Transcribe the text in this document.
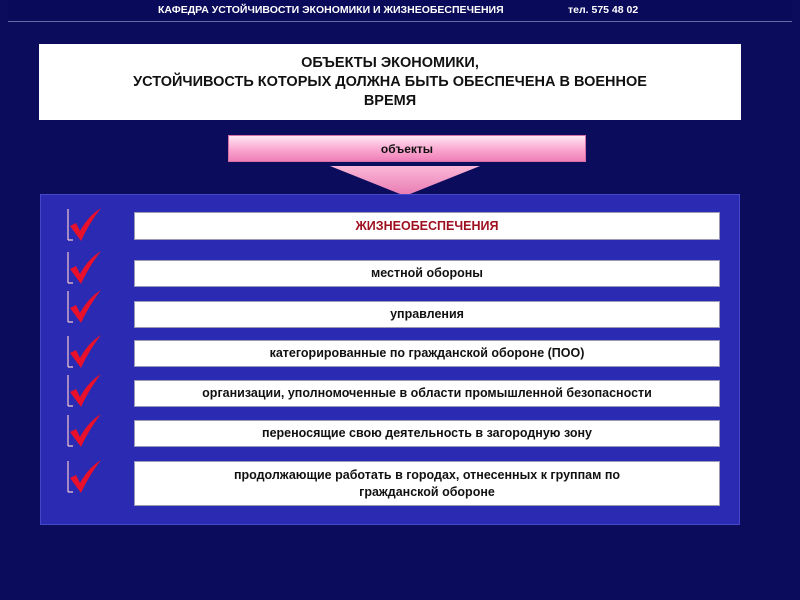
КАФЕДРА УСТОЙЧИВОСТИ ЭКОНОМИКИ И ЖИЗНЕОБЕСПЕЧЕНИЯ	тел. 575 48 02
ОБЪЕКТЫ ЭКОНОМИКИ,
УСТОЙЧИВОСТЬ КОТОРЫХ ДОЛЖНА БЫТЬ ОБЕСПЕЧЕНА В ВОЕННОЕ
ВРЕМЯ
объекты
ЖИЗНЕОБЕСПЕЧЕНИЯ
местной обороны
управления
категорированные по гражданской обороне (ПОО)
организации, уполномоченные в области промышленной безопасности
переносящие свою деятельность в загородную зону
продолжающие работать в городах, отнесенных к группам по
гражданской обороне
